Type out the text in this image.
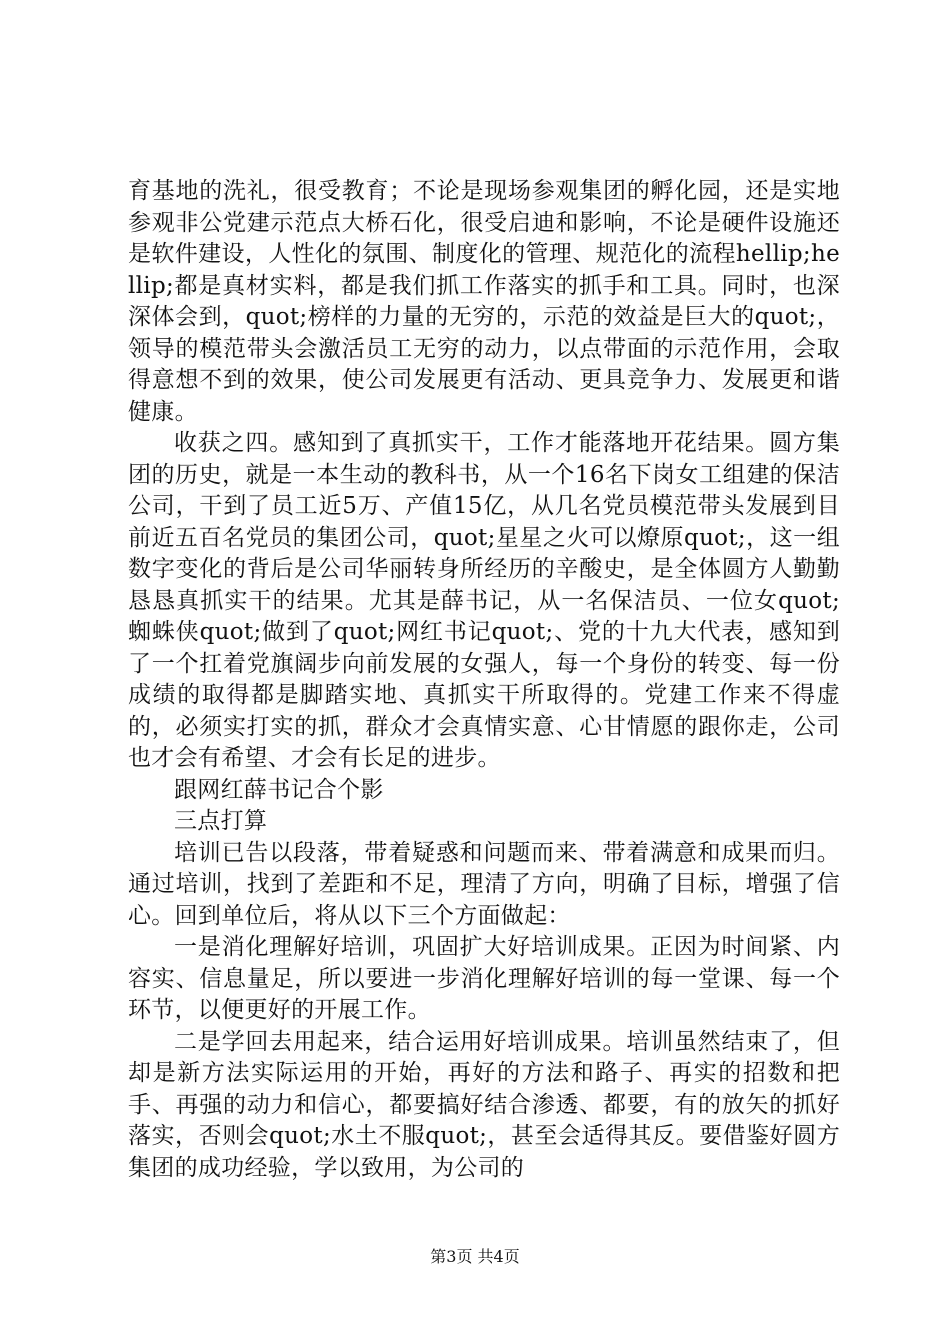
育基地的洗礼，很受教育；不论是现场参观集团的孵化园，还是实地参观非公党建示范点大桥石化，很受启迪和影响，不论是硬件设施还是软件建设，人性化的氛围、制度化的管理、规范化的流程hellip;hellip;都是真材实料，都是我们抓工作落实的抓手和工具。同时，也深深体会到，quot;榜样的力量的无穷的，示范的效益是巨大的quot;，领导的模范带头会激活员工无穷的动力，以点带面的示范作用，会取得意想不到的效果，使公司发展更有活动、更具竞争力、发展更和谐健康。

收获之四。感知到了真抓实干，工作才能落地开花结果。圆方集团的历史，就是一本生动的教科书，从一个16名下岗女工组建的保洁公司，干到了员工近5万、产值15亿，从几名党员模范带头发展到目前近五百名党员的集团公司，quot;星星之火可以燎原quot;，这一组数字变化的背后是公司华丽转身所经历的辛酸史，是全体圆方人勤勤恳恳真抓实干的结果。尤其是薛书记，从一名保洁员、一位女quot;蜘蛛侠quot;做到了quot;网红书记quot;、党的十九大代表，感知到了一个扛着党旗阔步向前发展的女强人，每一个身份的转变、每一份成绩的取得都是脚踏实地、真抓实干所取得的。党建工作来不得虚的，必须实打实的抓，群众才会真情实意、心甘情愿的跟你走，公司也才会有希望、才会有长足的进步。

跟网红薛书记合个影

三点打算

培训已告以段落，带着疑惑和问题而来、带着满意和成果而归。通过培训，找到了差距和不足，理清了方向，明确了目标，增强了信心。回到单位后，将从以下三个方面做起：

一是消化理解好培训，巩固扩大好培训成果。正因为时间紧、内容实、信息量足，所以要进一步消化理解好培训的每一堂课、每一个环节，以便更好的开展工作。

二是学回去用起来，结合运用好培训成果。培训虽然结束了，但却是新方法实际运用的开始，再好的方法和路子、再实的招数和把手、再强的动力和信心，都要搞好结合渗透、都要，有的放矢的抓好落实，否则会quot;水土不服quot;，甚至会适得其反。要借鉴好圆方集团的成功经验，学以致用，为公司的

第3页 共4页
